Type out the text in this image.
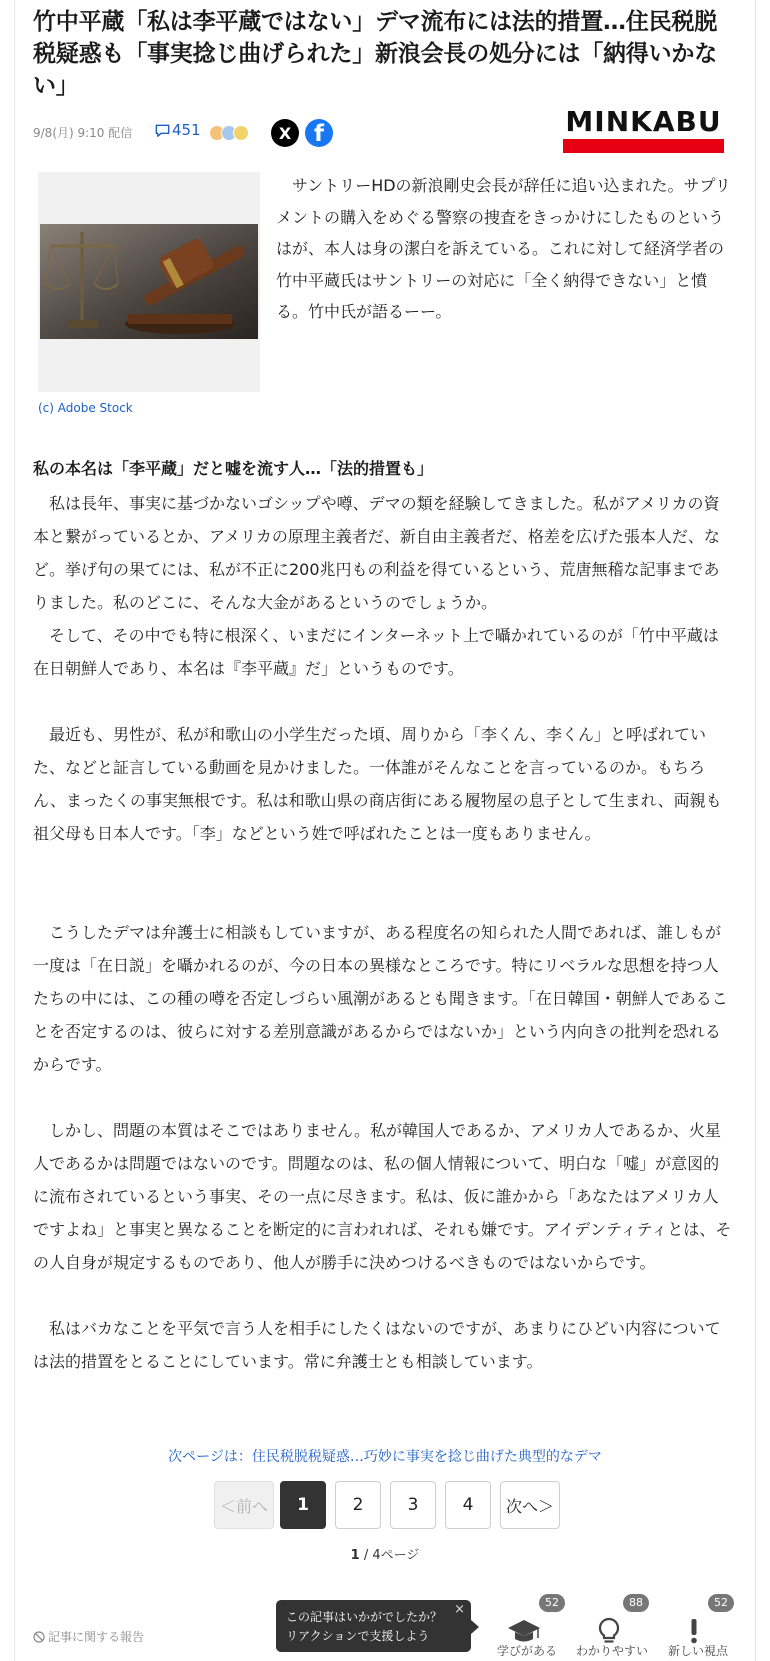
竹中平蔵「私は李平蔵ではない」デマ流布には法的措置…住民税脱税疑惑も「事実捻じ曲げられた」新浪会長の処分には「納得いかない」
9/8(月) 9:10 配信	451	X f	MINKABU
(c) Adobe Stock

サントリーHDの新浪剛史会長が辞任に追い込まれた。サプリメントの購入をめぐる警察の捜査をきっかけにしたものというはが、本人は身の潔白を訴えている。これに対して経済学者の竹中平蔵氏はサントリーの対応に「全く納得できない」と憤る。竹中氏が語るーー。

私の本名は「李平蔵」だと嘘を流す人…「法的措置も」

私は長年、事実に基づかないゴシップや噂、デマの類を経験してきました。私がアメリカの資本と繋がっているとか、アメリカの原理主義者だ、新自由主義者だ、格差を広げた張本人だ、など。挙げ句の果てには、私が不正に200兆円もの利益を得ているという、荒唐無稽な記事までありました。私のどこに、そんな大金があるというのでしょうか。

そして、その中でも特に根深く、いまだにインターネット上で囁かれているのが「竹中平蔵は在日朝鮮人であり、本名は『李平蔵』だ」というものです。

最近も、男性が、私が和歌山の小学生だった頃、周りから「李くん、李くん」と呼ばれていた、などと証言している動画を見かけました。一体誰がそんなことを言っているのか。もちろん、まったくの事実無根です。私は和歌山県の商店街にある履物屋の息子として生まれ、両親も祖父母も日本人です。「李」などという姓で呼ばれたことは一度もありません。

こうしたデマは弁護士に相談もしていますが、ある程度名の知られた人間であれば、誰しもが一度は「在日説」を囁かれるのが、今の日本の異様なところです。特にリベラルな思想を持つ人たちの中には、この種の噂を否定しづらい風潮があるとも聞きます。「在日韓国・朝鮮人であることを否定するのは、彼らに対する差別意識があるからではないか」という内向きの批判を恐れるからです。

しかし、問題の本質はそこではありません。私が韓国人であるか、アメリカ人であるか、火星人であるかは問題ではないのです。問題なのは、私の個人情報について、明白な「嘘」が意図的に流布されているという事実、その一点に尽きます。私は、仮に誰かから「あなたはアメリカ人ですよね」と事実と異なることを断定的に言われれば、それも嫌です。アイデンティティとは、その人自身が規定するものであり、他人が勝手に決めつけるべきものではないからです。

私はバカなことを平気で言う人を相手にしたくはないのですが、あまりにひどい内容については法的措置をとることにしています。常に弁護士とも相談しています。

次ページは：住民税脱税疑惑…巧妙に事実を捻じ曲げた典型的なデマ
＜前へ	1	2	3	4	次へ＞
1 / 4ページ
記事に関する報告
この記事はいかがでしたか？
リアクションで支援しよう
×	52
学びがある
88
わかりやすい
52
新しい視点
